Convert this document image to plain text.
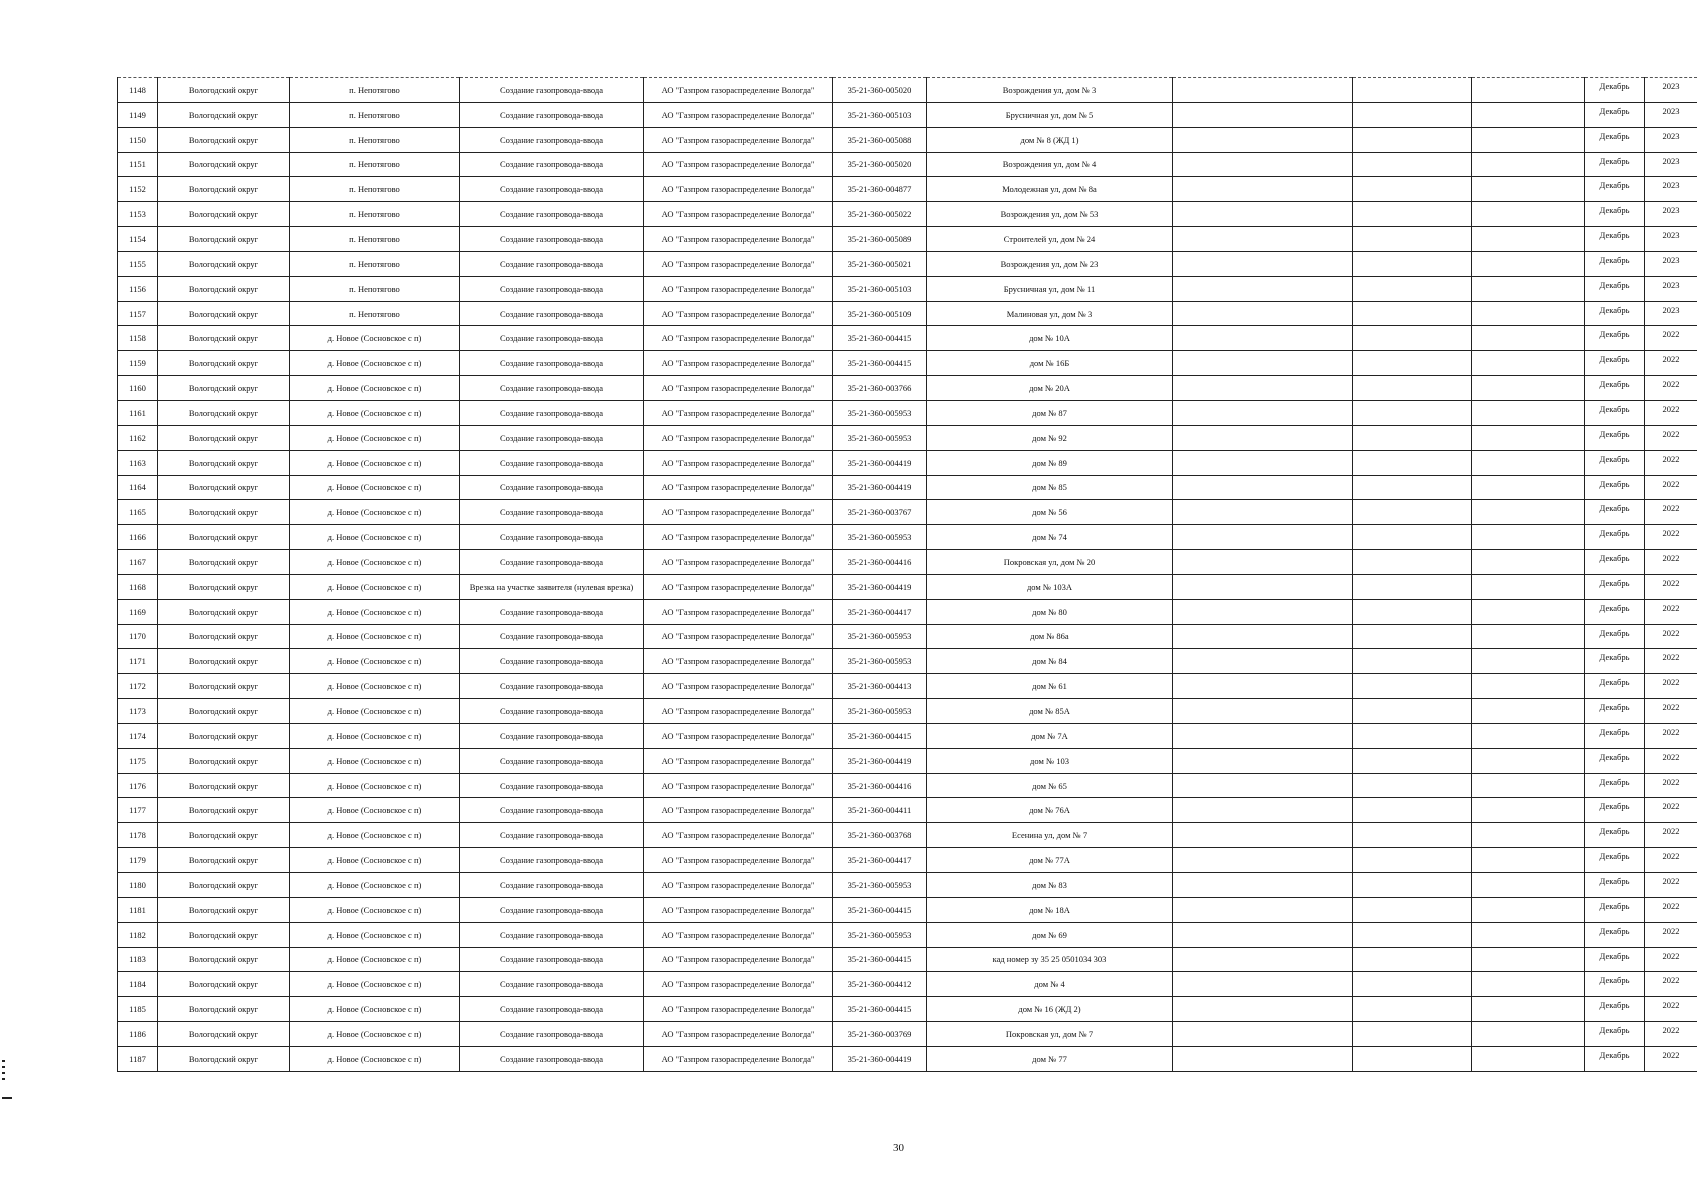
1148	Вологодский округ	п. Непотягово	Создание газопровода-ввода	АО "Газпром газораспределение Вологда"	35-21-360-005020	Возрождения ул, дом № 3				Декабрь	2023
1149	Вологодский округ	п. Непотягово	Создание газопровода-ввода	АО "Газпром газораспределение Вологда"	35-21-360-005103	Брусничная ул, дом № 5				Декабрь	2023
1150	Вологодский округ	п. Непотягово	Создание газопровода-ввода	АО "Газпром газораспределение Вологда"	35-21-360-005088	дом № 8 (ЖД 1)				Декабрь	2023
1151	Вологодский округ	п. Непотягово	Создание газопровода-ввода	АО "Газпром газораспределение Вологда"	35-21-360-005020	Возрождения ул, дом № 4				Декабрь	2023
1152	Вологодский округ	п. Непотягово	Создание газопровода-ввода	АО "Газпром газораспределение Вологда"	35-21-360-004877	Молодежная ул, дом № 8а				Декабрь	2023
1153	Вологодский округ	п. Непотягово	Создание газопровода-ввода	АО "Газпром газораспределение Вологда"	35-21-360-005022	Возрождения ул, дом № 53				Декабрь	2023
1154	Вологодский округ	п. Непотягово	Создание газопровода-ввода	АО "Газпром газораспределение Вологда"	35-21-360-005089	Строителей ул, дом № 24				Декабрь	2023
1155	Вологодский округ	п. Непотягово	Создание газопровода-ввода	АО "Газпром газораспределение Вологда"	35-21-360-005021	Возрождения ул, дом № 23				Декабрь	2023
1156	Вологодский округ	п. Непотягово	Создание газопровода-ввода	АО "Газпром газораспределение Вологда"	35-21-360-005103	Брусничная ул, дом № 11				Декабрь	2023
1157	Вологодский округ	п. Непотягово	Создание газопровода-ввода	АО "Газпром газораспределение Вологда"	35-21-360-005109	Малиновая ул, дом № 3				Декабрь	2023
1158	Вологодский округ	д. Новое (Сосновское с п)	Создание газопровода-ввода	АО "Газпром газораспределение Вологда"	35-21-360-004415	дом № 10А				Декабрь	2022
1159	Вологодский округ	д. Новое (Сосновское с п)	Создание газопровода-ввода	АО "Газпром газораспределение Вологда"	35-21-360-004415	дом № 16Б				Декабрь	2022
1160	Вологодский округ	д. Новое (Сосновское с п)	Создание газопровода-ввода	АО "Газпром газораспределение Вологда"	35-21-360-003766	дом № 20А				Декабрь	2022
1161	Вологодский округ	д. Новое (Сосновское с п)	Создание газопровода-ввода	АО "Газпром газораспределение Вологда"	35-21-360-005953	дом № 87				Декабрь	2022
1162	Вологодский округ	д. Новое (Сосновское с п)	Создание газопровода-ввода	АО "Газпром газораспределение Вологда"	35-21-360-005953	дом № 92				Декабрь	2022
1163	Вологодский округ	д. Новое (Сосновское с п)	Создание газопровода-ввода	АО "Газпром газораспределение Вологда"	35-21-360-004419	дом № 89				Декабрь	2022
1164	Вологодский округ	д. Новое (Сосновское с п)	Создание газопровода-ввода	АО "Газпром газораспределение Вологда"	35-21-360-004419	дом № 85				Декабрь	2022
1165	Вологодский округ	д. Новое (Сосновское с п)	Создание газопровода-ввода	АО "Газпром газораспределение Вологда"	35-21-360-003767	дом № 56				Декабрь	2022
1166	Вологодский округ	д. Новое (Сосновское с п)	Создание газопровода-ввода	АО "Газпром газораспределение Вологда"	35-21-360-005953	дом № 74				Декабрь	2022
1167	Вологодский округ	д. Новое (Сосновское с п)	Создание газопровода-ввода	АО "Газпром газораспределение Вологда"	35-21-360-004416	Покровская ул, дом № 20				Декабрь	2022
1168	Вологодский округ	д. Новое (Сосновское с п)	Врезка на участке заявителя (нулевая врезка)	АО "Газпром газораспределение Вологда"	35-21-360-004419	дом № 103А				Декабрь	2022
1169	Вологодский округ	д. Новое (Сосновское с п)	Создание газопровода-ввода	АО "Газпром газораспределение Вологда"	35-21-360-004417	дом № 80				Декабрь	2022
1170	Вологодский округ	д. Новое (Сосновское с п)	Создание газопровода-ввода	АО "Газпром газораспределение Вологда"	35-21-360-005953	дом № 86а				Декабрь	2022
1171	Вологодский округ	д. Новое (Сосновское с п)	Создание газопровода-ввода	АО "Газпром газораспределение Вологда"	35-21-360-005953	дом № 84				Декабрь	2022
1172	Вологодский округ	д. Новое (Сосновское с п)	Создание газопровода-ввода	АО "Газпром газораспределение Вологда"	35-21-360-004413	дом № 61				Декабрь	2022
1173	Вологодский округ	д. Новое (Сосновское с п)	Создание газопровода-ввода	АО "Газпром газораспределение Вологда"	35-21-360-005953	дом № 85А				Декабрь	2022
1174	Вологодский округ	д. Новое (Сосновское с п)	Создание газопровода-ввода	АО "Газпром газораспределение Вологда"	35-21-360-004415	дом № 7А				Декабрь	2022
1175	Вологодский округ	д. Новое (Сосновское с п)	Создание газопровода-ввода	АО "Газпром газораспределение Вологда"	35-21-360-004419	дом № 103				Декабрь	2022
1176	Вологодский округ	д. Новое (Сосновское с п)	Создание газопровода-ввода	АО "Газпром газораспределение Вологда"	35-21-360-004416	дом № 65				Декабрь	2022
1177	Вологодский округ	д. Новое (Сосновское с п)	Создание газопровода-ввода	АО "Газпром газораспределение Вологда"	35-21-360-004411	дом № 76А				Декабрь	2022
1178	Вологодский округ	д. Новое (Сосновское с п)	Создание газопровода-ввода	АО "Газпром газораспределение Вологда"	35-21-360-003768	Есенина ул, дом № 7				Декабрь	2022
1179	Вологодский округ	д. Новое (Сосновское с п)	Создание газопровода-ввода	АО "Газпром газораспределение Вологда"	35-21-360-004417	дом № 77А				Декабрь	2022
1180	Вологодский округ	д. Новое (Сосновское с п)	Создание газопровода-ввода	АО "Газпром газораспределение Вологда"	35-21-360-005953	дом № 83				Декабрь	2022
1181	Вологодский округ	д. Новое (Сосновское с п)	Создание газопровода-ввода	АО "Газпром газораспределение Вологда"	35-21-360-004415	дом № 18А				Декабрь	2022
1182	Вологодский округ	д. Новое (Сосновское с п)	Создание газопровода-ввода	АО "Газпром газораспределение Вологда"	35-21-360-005953	дом № 69				Декабрь	2022
1183	Вологодский округ	д. Новое (Сосновское с п)	Создание газопровода-ввода	АО "Газпром газораспределение Вологда"	35-21-360-004415	кад номер зу 35 25 0501034 303				Декабрь	2022
1184	Вологодский округ	д. Новое (Сосновское с п)	Создание газопровода-ввода	АО "Газпром газораспределение Вологда"	35-21-360-004412	дом № 4				Декабрь	2022
1185	Вологодский округ	д. Новое (Сосновское с п)	Создание газопровода-ввода	АО "Газпром газораспределение Вологда"	35-21-360-004415	дом № 16 (ЖД 2)				Декабрь	2022
1186	Вологодский округ	д. Новое (Сосновское с п)	Создание газопровода-ввода	АО "Газпром газораспределение Вологда"	35-21-360-003769	Покровская ул, дом № 7				Декабрь	2022
1187	Вологодский округ	д. Новое (Сосновское с п)	Создание газопровода-ввода	АО "Газпром газораспределение Вологда"	35-21-360-004419	дом № 77				Декабрь	2022
30
